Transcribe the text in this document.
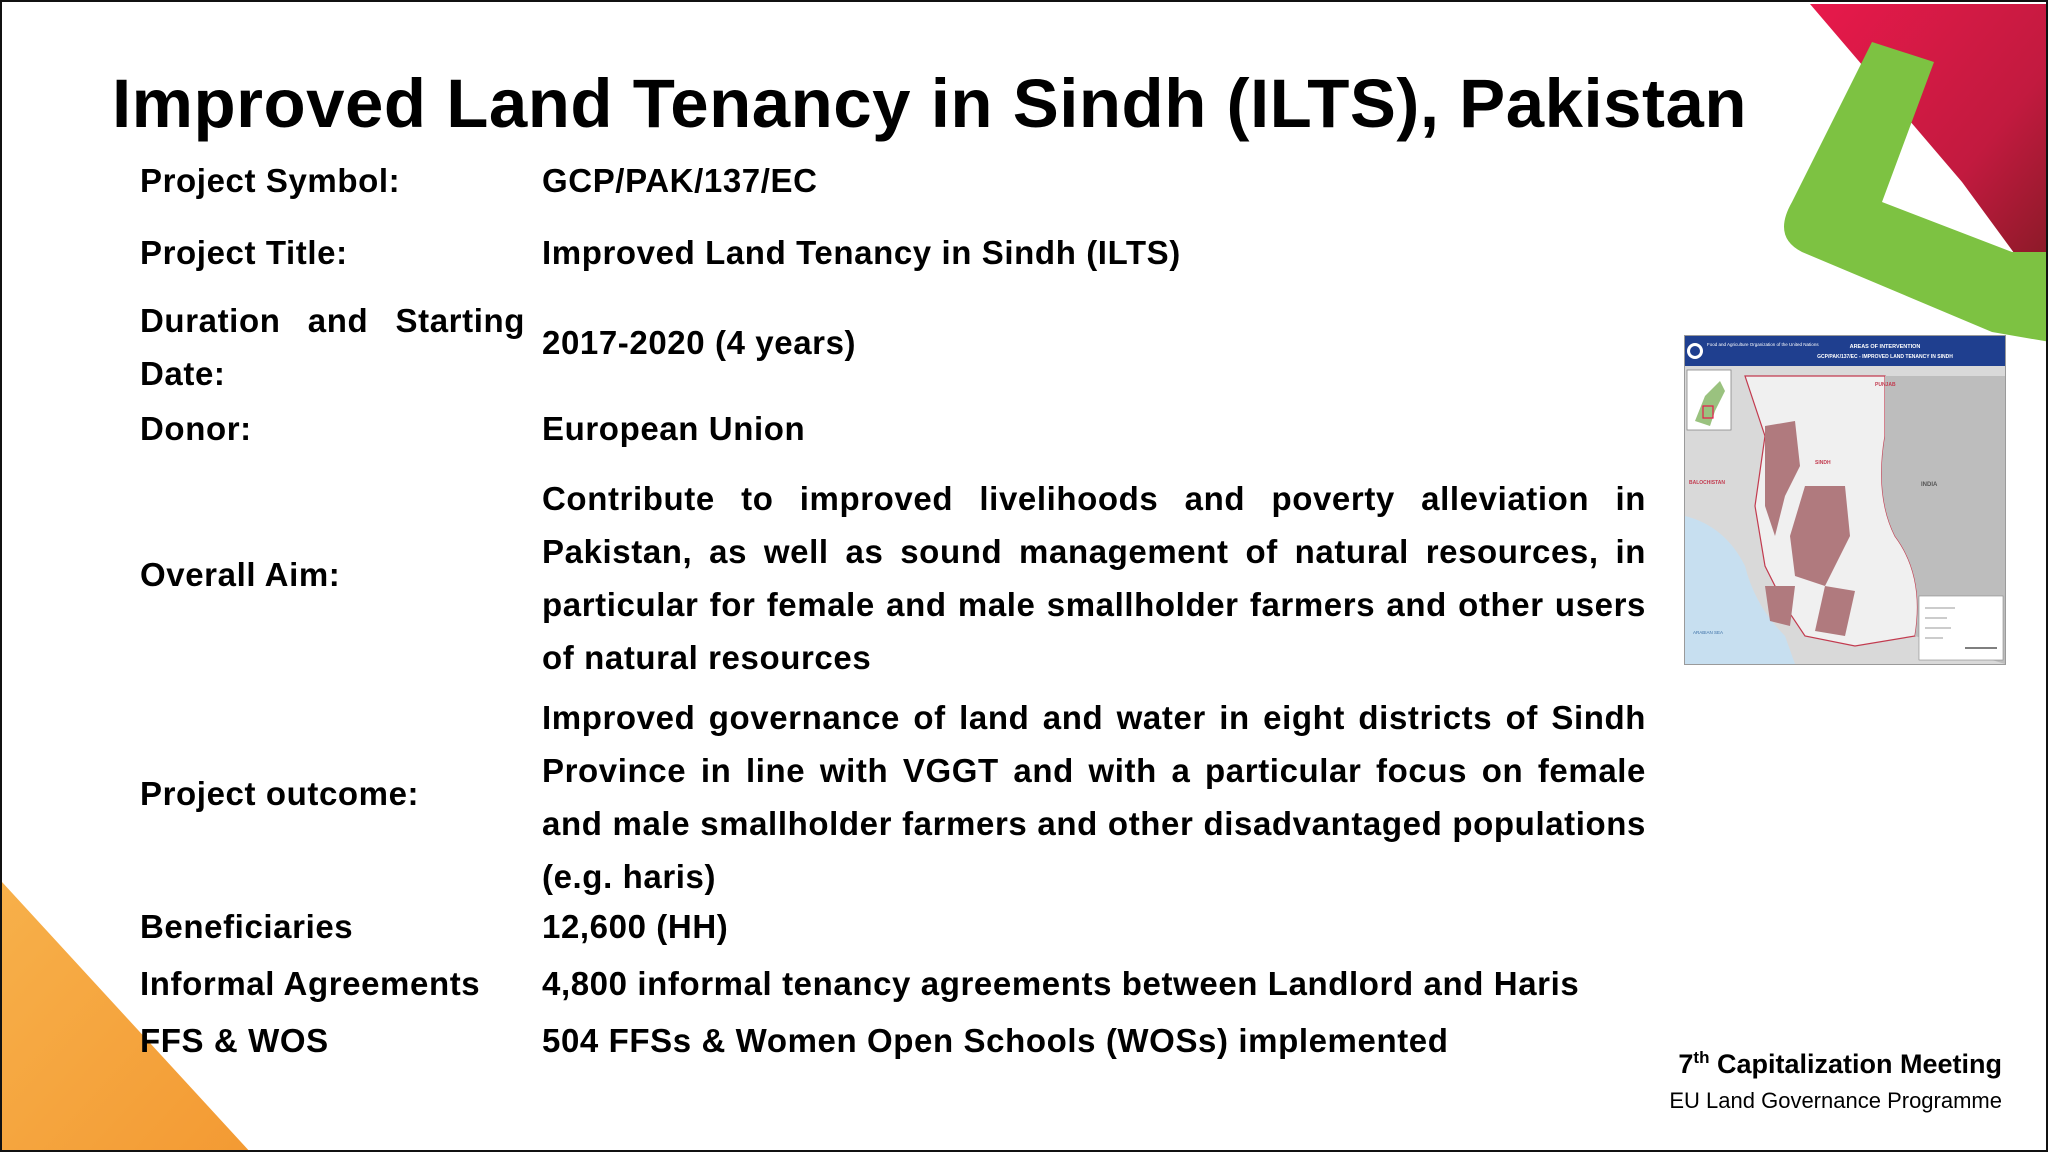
Improved Land Tenancy in Sindh (ILTS), Pakistan
Project Symbol:	GCP/PAK/137/EC
Project Title:	Improved Land Tenancy in Sindh (ILTS)
Duration and Starting Date:
2017-2020 (4 years)
Donor:	European Union
Overall Aim:
Contribute to improved livelihoods and poverty alleviation in Pakistan, as well as sound management of natural resources, in particular for female and male smallholder farmers and other users of natural resources
Project outcome:
Improved governance of land and water in eight districts of Sindh Province in line with VGGT and with a particular focus on female and male smallholder farmers and other disadvantaged populations (e.g. haris)
Beneficiaries	12,600 (HH)
Informal Agreements	4,800 informal tenancy agreements between Landlord and Haris
FFS & WOS	504 FFSs & Women Open Schools (WOSs) implemented
Food and Agriculture Organization of the United Nations	AREAS OF INTERVENTION
GCP/PAK/137/EC - IMPROVED LAND TENANCY IN SINDH
PUNJAB
SINDH
BALOCHISTAN	INDIA
ARABIAN SEA
7th Capitalization Meeting
EU Land Governance Programme
